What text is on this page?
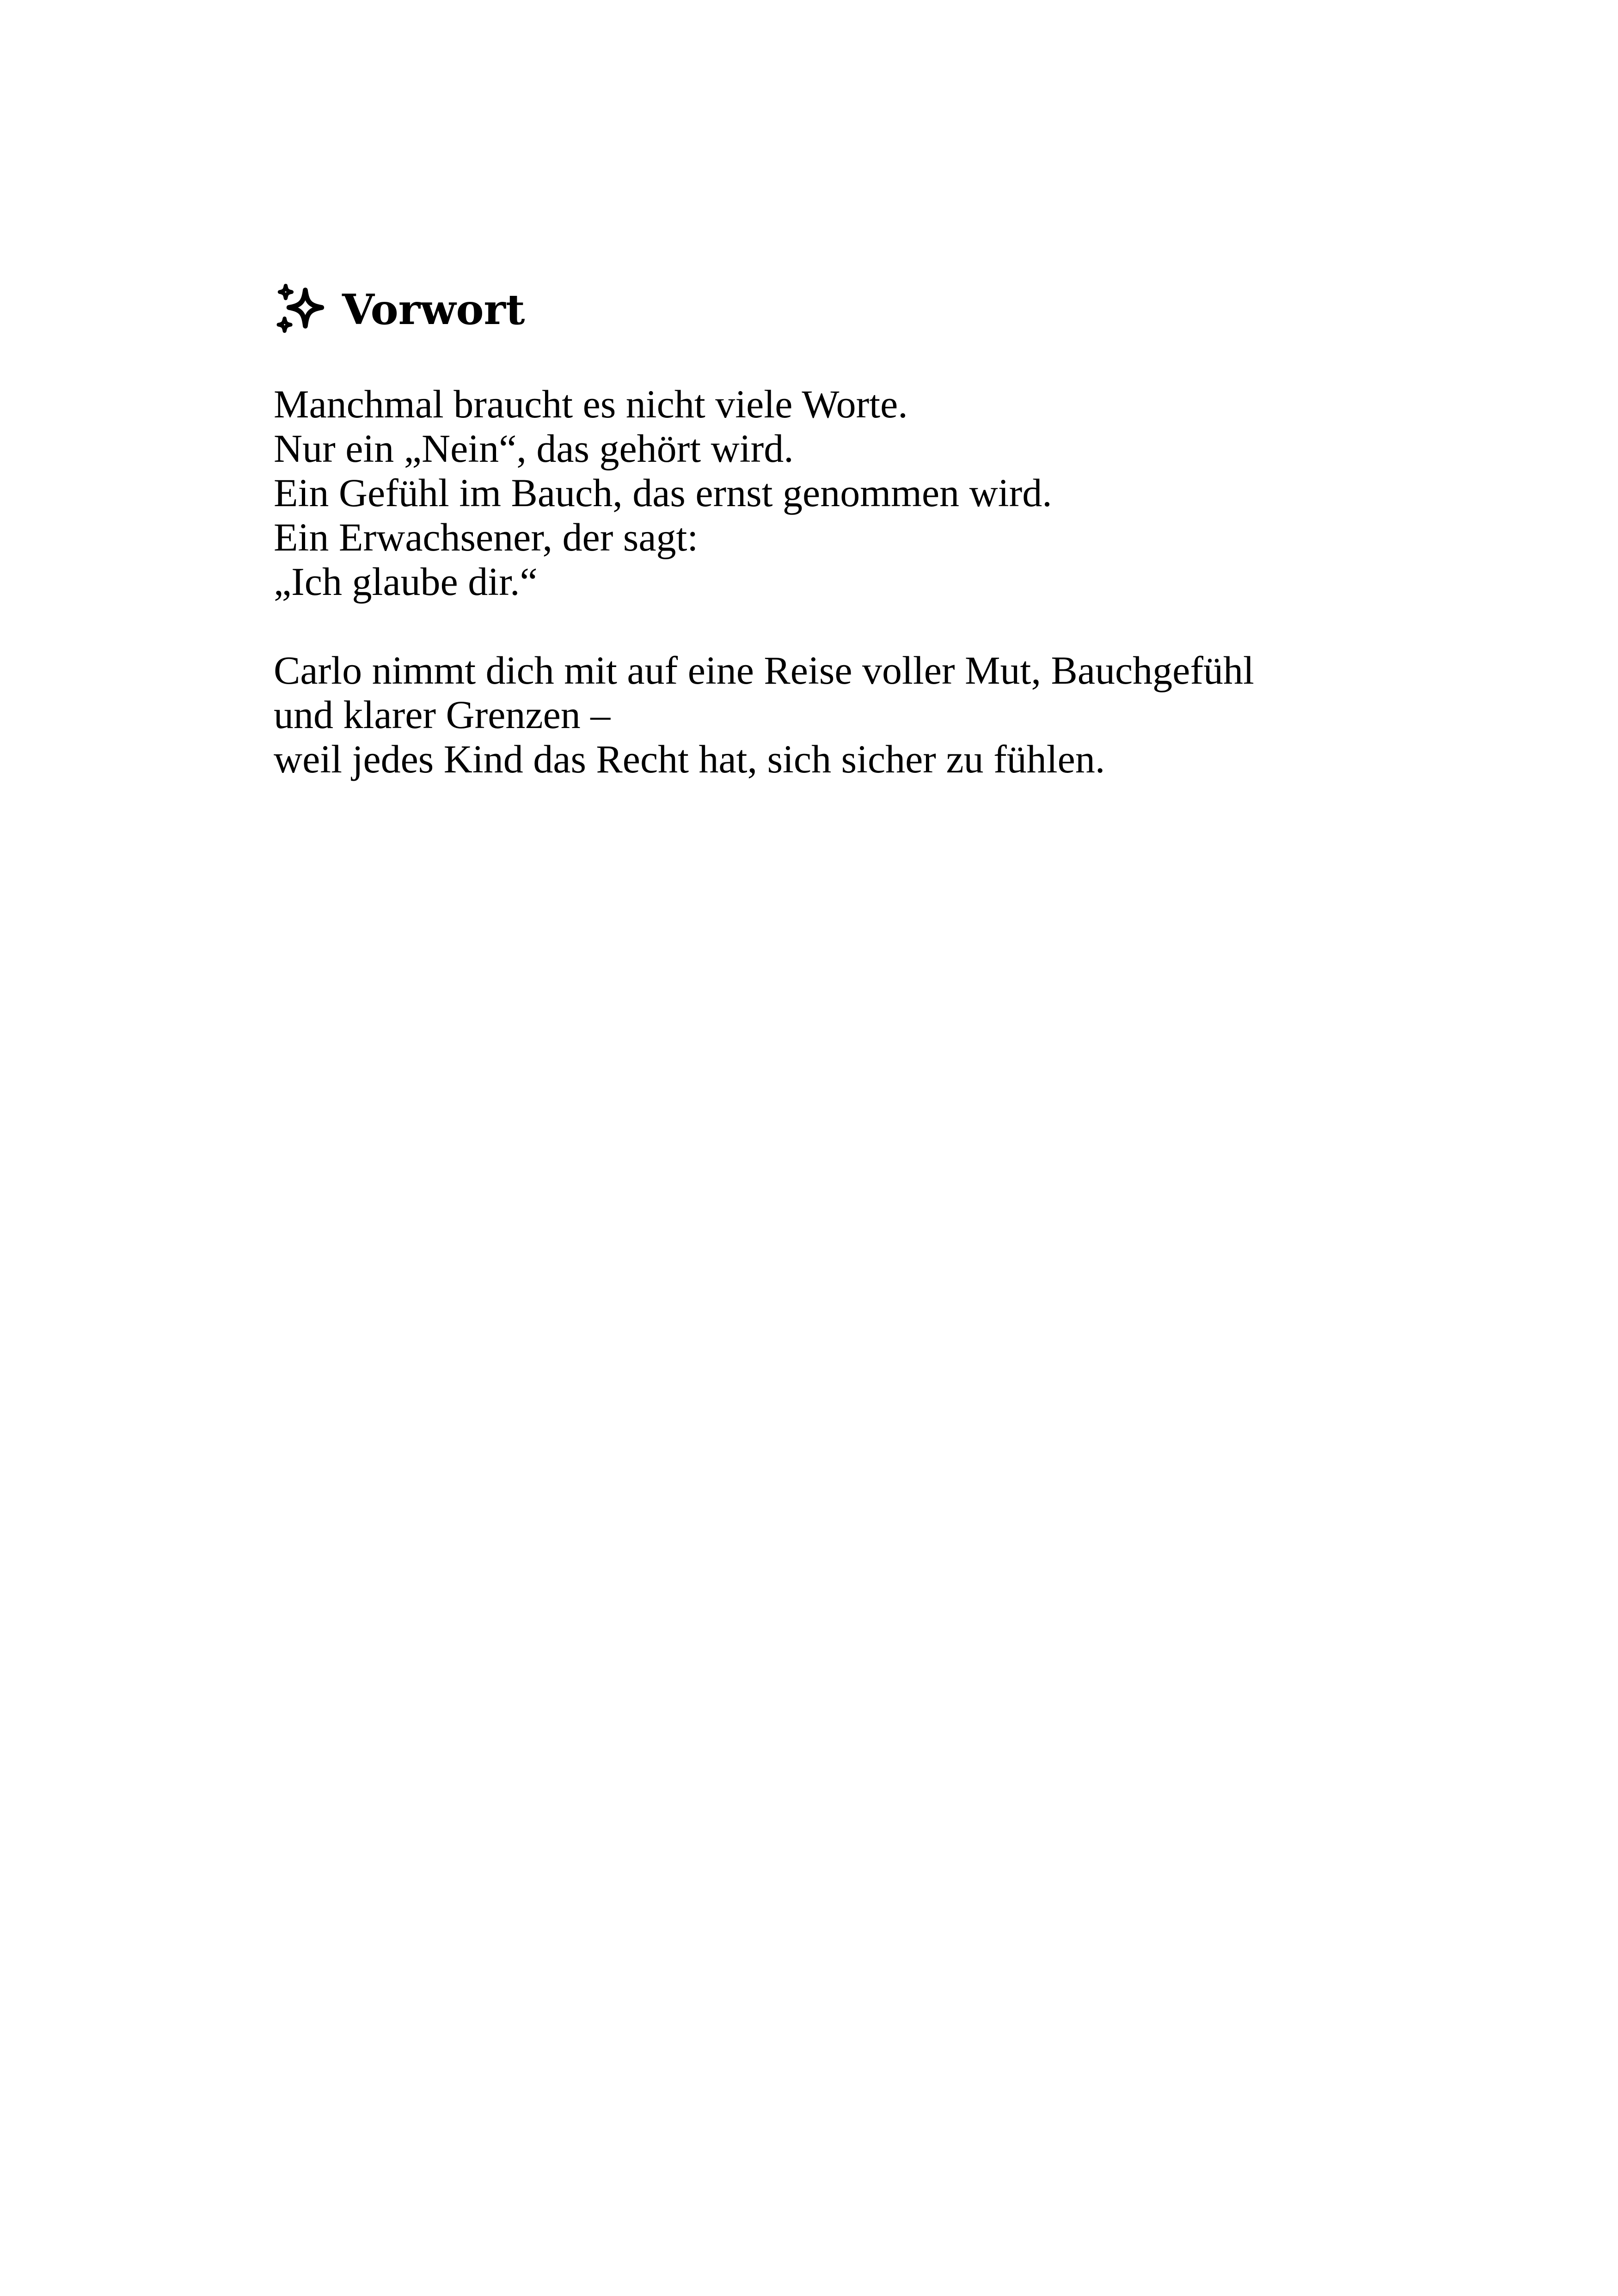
Vorwort

Manchmal braucht es nicht viele Worte.
Nur ein „Nein“, das gehört wird.
Ein Gefühl im Bauch, das ernst genommen wird.
Ein Erwachsener, der sagt:
„Ich glaube dir.“

Carlo nimmt dich mit auf eine Reise voller Mut, Bauchgefühl
und klarer Grenzen –
weil jedes Kind das Recht hat, sich sicher zu fühlen.
